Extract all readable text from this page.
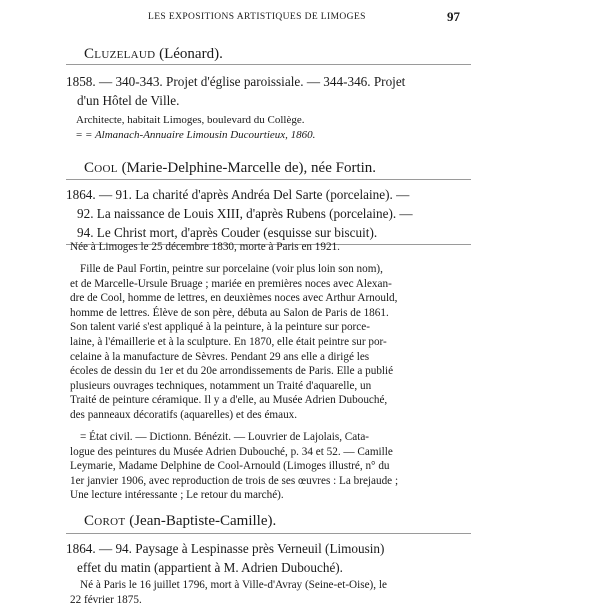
LES EXPOSITIONS ARTISTIQUES DE LIMOGES	97
Cluzelaud (Léonard).
1858. — 340-343. Projet d'église paroissiale. — 344-346. Projet
d'un Hôtel de Ville.
Architecte, habitait Limoges, boulevard du Collège.
= = Almanach-Annuaire Limousin Ducourtieux, 1860.
Cool (Marie-Delphine-Marcelle de), née Fortin.
1864. — 91. La charité d'après Andréa Del Sarte (porcelaine). —
92. La naissance de Louis XIII, d'après Rubens (porcelaine). —
94. Le Christ mort, d'après Couder (esquisse sur biscuit).
Née à Limoges le 25 décembre 1830, morte à Paris en 1921.
Fille de Paul Fortin, peintre sur porcelaine (voir plus loin son nom),
et de Marcelle-Ursule Bruage ; mariée en premières noces avec Alexan-
dre de Cool, homme de lettres, en deuxièmes noces avec Arthur Arnould,
homme de lettres. Élève de son père, débuta au Salon de Paris de 1861.
Son talent varié s'est appliqué à la peinture, à la peinture sur porce-
laine, à l'émaillerie et à la sculpture. En 1870, elle était peintre sur por-
celaine à la manufacture de Sèvres. Pendant 29 ans elle a dirigé les
écoles de dessin du 1er et du 20e arrondissements de Paris. Elle a publié
plusieurs ouvrages techniques, notamment un Traité d'aquarelle, un
Traité de peinture céramique. Il y a d'elle, au Musée Adrien Dubouché,
des panneaux décoratifs (aquarelles) et des émaux.
= État civil. — Dictionn. Bénézit. — Louvrier de Lajolais, Cata-
logue des peintures du Musée Adrien Dubouché, p. 34 et 52. — Camille
Leymarie, Madame Delphine de Cool-Arnould (Limoges illustré, n° du
1er janvier 1906, avec reproduction de trois de ses œuvres : La brejaude ;
Une lecture intéressante ; Le retour du marché).
Corot (Jean-Baptiste-Camille).
1864. — 94. Paysage à Lespinasse près Verneuil (Limousin)
effet du matin (appartient à M. Adrien Dubouché).
Né à Paris le 16 juillet 1796, mort à Ville-d'Avray (Seine-et-Oise), le
22 février 1875.
